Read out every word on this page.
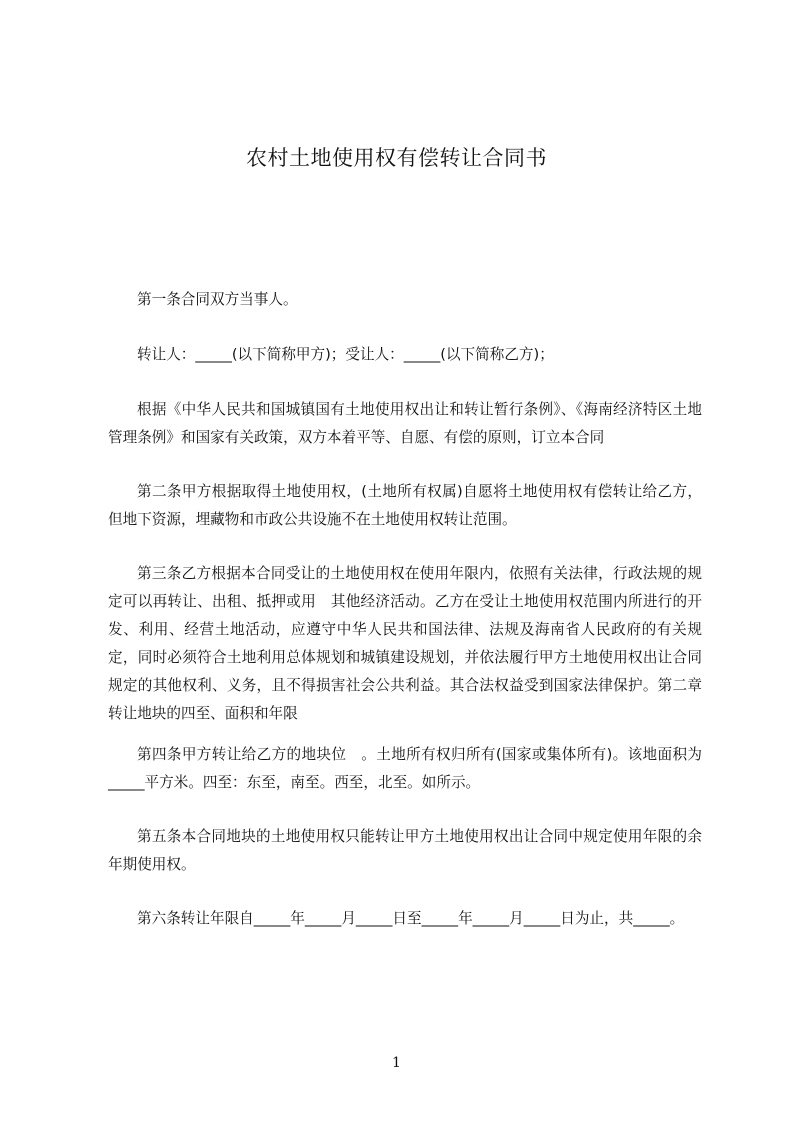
农村土地使用权有偿转让合同书

第一条合同双方当事人。

转让人：_____(以下简称甲方)；受让人：_____(以下简称乙方)；

根据《中华人民共和国城镇国有土地使用权出让和转让暂行条例》、《海南经济特区土地管理条例》和国家有关政策，双方本着平等、自愿、有偿的原则，订立本合同

第二条甲方根据取得土地使用权，(土地所有权属)自愿将土地使用权有偿转让给乙方，但地下资源，埋藏物和市政公共设施不在土地使用权转让范围。

第三条乙方根据本合同受让的土地使用权在使用年限内，依照有关法律，行政法规的规定可以再转让、出租、抵押或用　其他经济活动。乙方在受让土地使用权范围内所进行的开发、利用、经营土地活动，应遵守中华人民共和国法律、法规及海南省人民政府的有关规定，同时必须符合土地利用总体规划和城镇建设规划，并依法履行甲方土地使用权出让合同规定的其他权利、义务，且不得损害社会公共利益。其合法权益受到国家法律保护。第二章转让地块的四至、面积和年限

第四条甲方转让给乙方的地块位　。土地所有权归所有(国家或集体所有)。该地面积为_____平方米。四至：东至，南至。西至，北至。如所示。

第五条本合同地块的土地使用权只能转让甲方土地使用权出让合同中规定使用年限的余年期使用权。

第六条转让年限自_____年_____月_____日至_____年_____月_____日为止，共_____。

1
